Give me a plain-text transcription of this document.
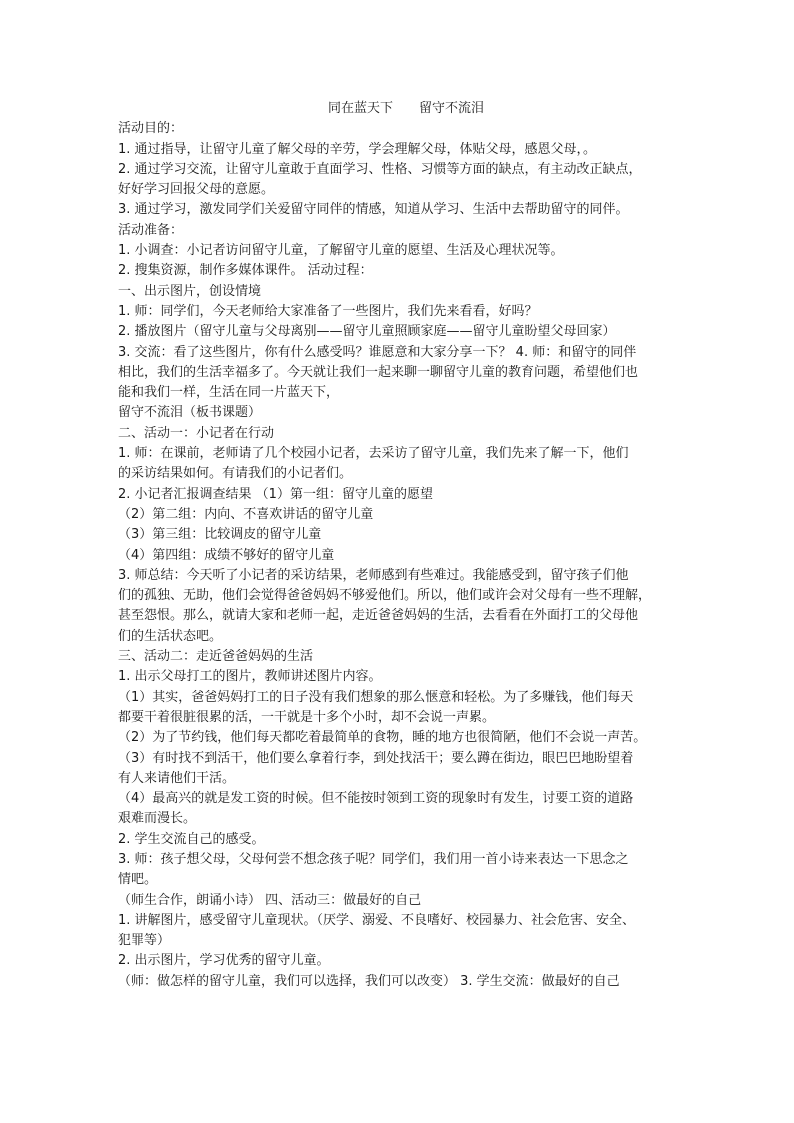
同在蓝天下　　留守不流泪

活动目的：

1. 通过指导，让留守儿童了解父母的辛劳，学会理解父母，体贴父母，感恩父母，。

2. 通过学习交流，让留守儿童敢于直面学习、性格、习惯等方面的缺点，有主动改正缺点，

好好学习回报父母的意愿。

3. 通过学习，激发同学们关爱留守同伴的情感，知道从学习、生活中去帮助留守的同伴。

活动准备：

1. 小调查：小记者访问留守儿童，了解留守儿童的愿望、生活及心理状况等。

2. 搜集资源，制作多媒体课件。 活动过程：

一、出示图片，创设情境

1. 师：同学们，今天老师给大家准备了一些图片，我们先来看看，好吗？

2. 播放图片（留守儿童与父母离别——留守儿童照顾家庭——留守儿童盼望父母回家）

3. 交流：看了这些图片，你有什么感受吗？谁愿意和大家分享一下？ 4. 师：和留守的同伴

相比，我们的生活幸福多了。今天就让我们一起来聊一聊留守儿童的教育问题，希望他们也

能和我们一样，生活在同一片蓝天下，

留守不流泪（板书课题）

二、活动一：小记者在行动

1. 师：在课前，老师请了几个校园小记者，去采访了留守儿童，我们先来了解一下，他们

的采访结果如何。有请我们的小记者们。

2. 小记者汇报调查结果 （1）第一组：留守儿童的愿望

（2）第二组：内向、不喜欢讲话的留守儿童

（3）第三组：比较调皮的留守儿童

（4）第四组：成绩不够好的留守儿童

3. 师总结：今天听了小记者的采访结果，老师感到有些难过。我能感受到，留守孩子们他

们的孤独、无助，他们会觉得爸爸妈妈不够爱他们。所以，他们或许会对父母有一些不理解，

甚至怨恨。那么，就请大家和老师一起，走近爸爸妈妈的生活，去看看在外面打工的父母他

们的生活状态吧。

三、活动二：走近爸爸妈妈的生活

1. 出示父母打工的图片，教师讲述图片内容。

（1）其实，爸爸妈妈打工的日子没有我们想象的那么惬意和轻松。为了多赚钱，他们每天

都要干着很脏很累的活，一干就是十多个小时，却不会说一声累。

（2）为了节约钱，他们每天都吃着最简单的食物，睡的地方也很简陋，他们不会说一声苦。

（3）有时找不到活干，他们要么拿着行李，到处找活干；要么蹲在街边，眼巴巴地盼望着

有人来请他们干活。

（4）最高兴的就是发工资的时候。但不能按时领到工资的现象时有发生，讨要工资的道路

艰难而漫长。

2. 学生交流自己的感受。

3. 师：孩子想父母，父母何尝不想念孩子呢？同学们，我们用一首小诗来表达一下思念之

情吧。

（师生合作，朗诵小诗） 四、活动三：做最好的自己

1. 讲解图片，感受留守儿童现状。（厌学、溺爱、不良嗜好、校园暴力、社会危害、安全、

犯罪等）

2. 出示图片，学习优秀的留守儿童。

（师：做怎样的留守儿童，我们可以选择，我们可以改变） 3. 学生交流：做最好的自己
